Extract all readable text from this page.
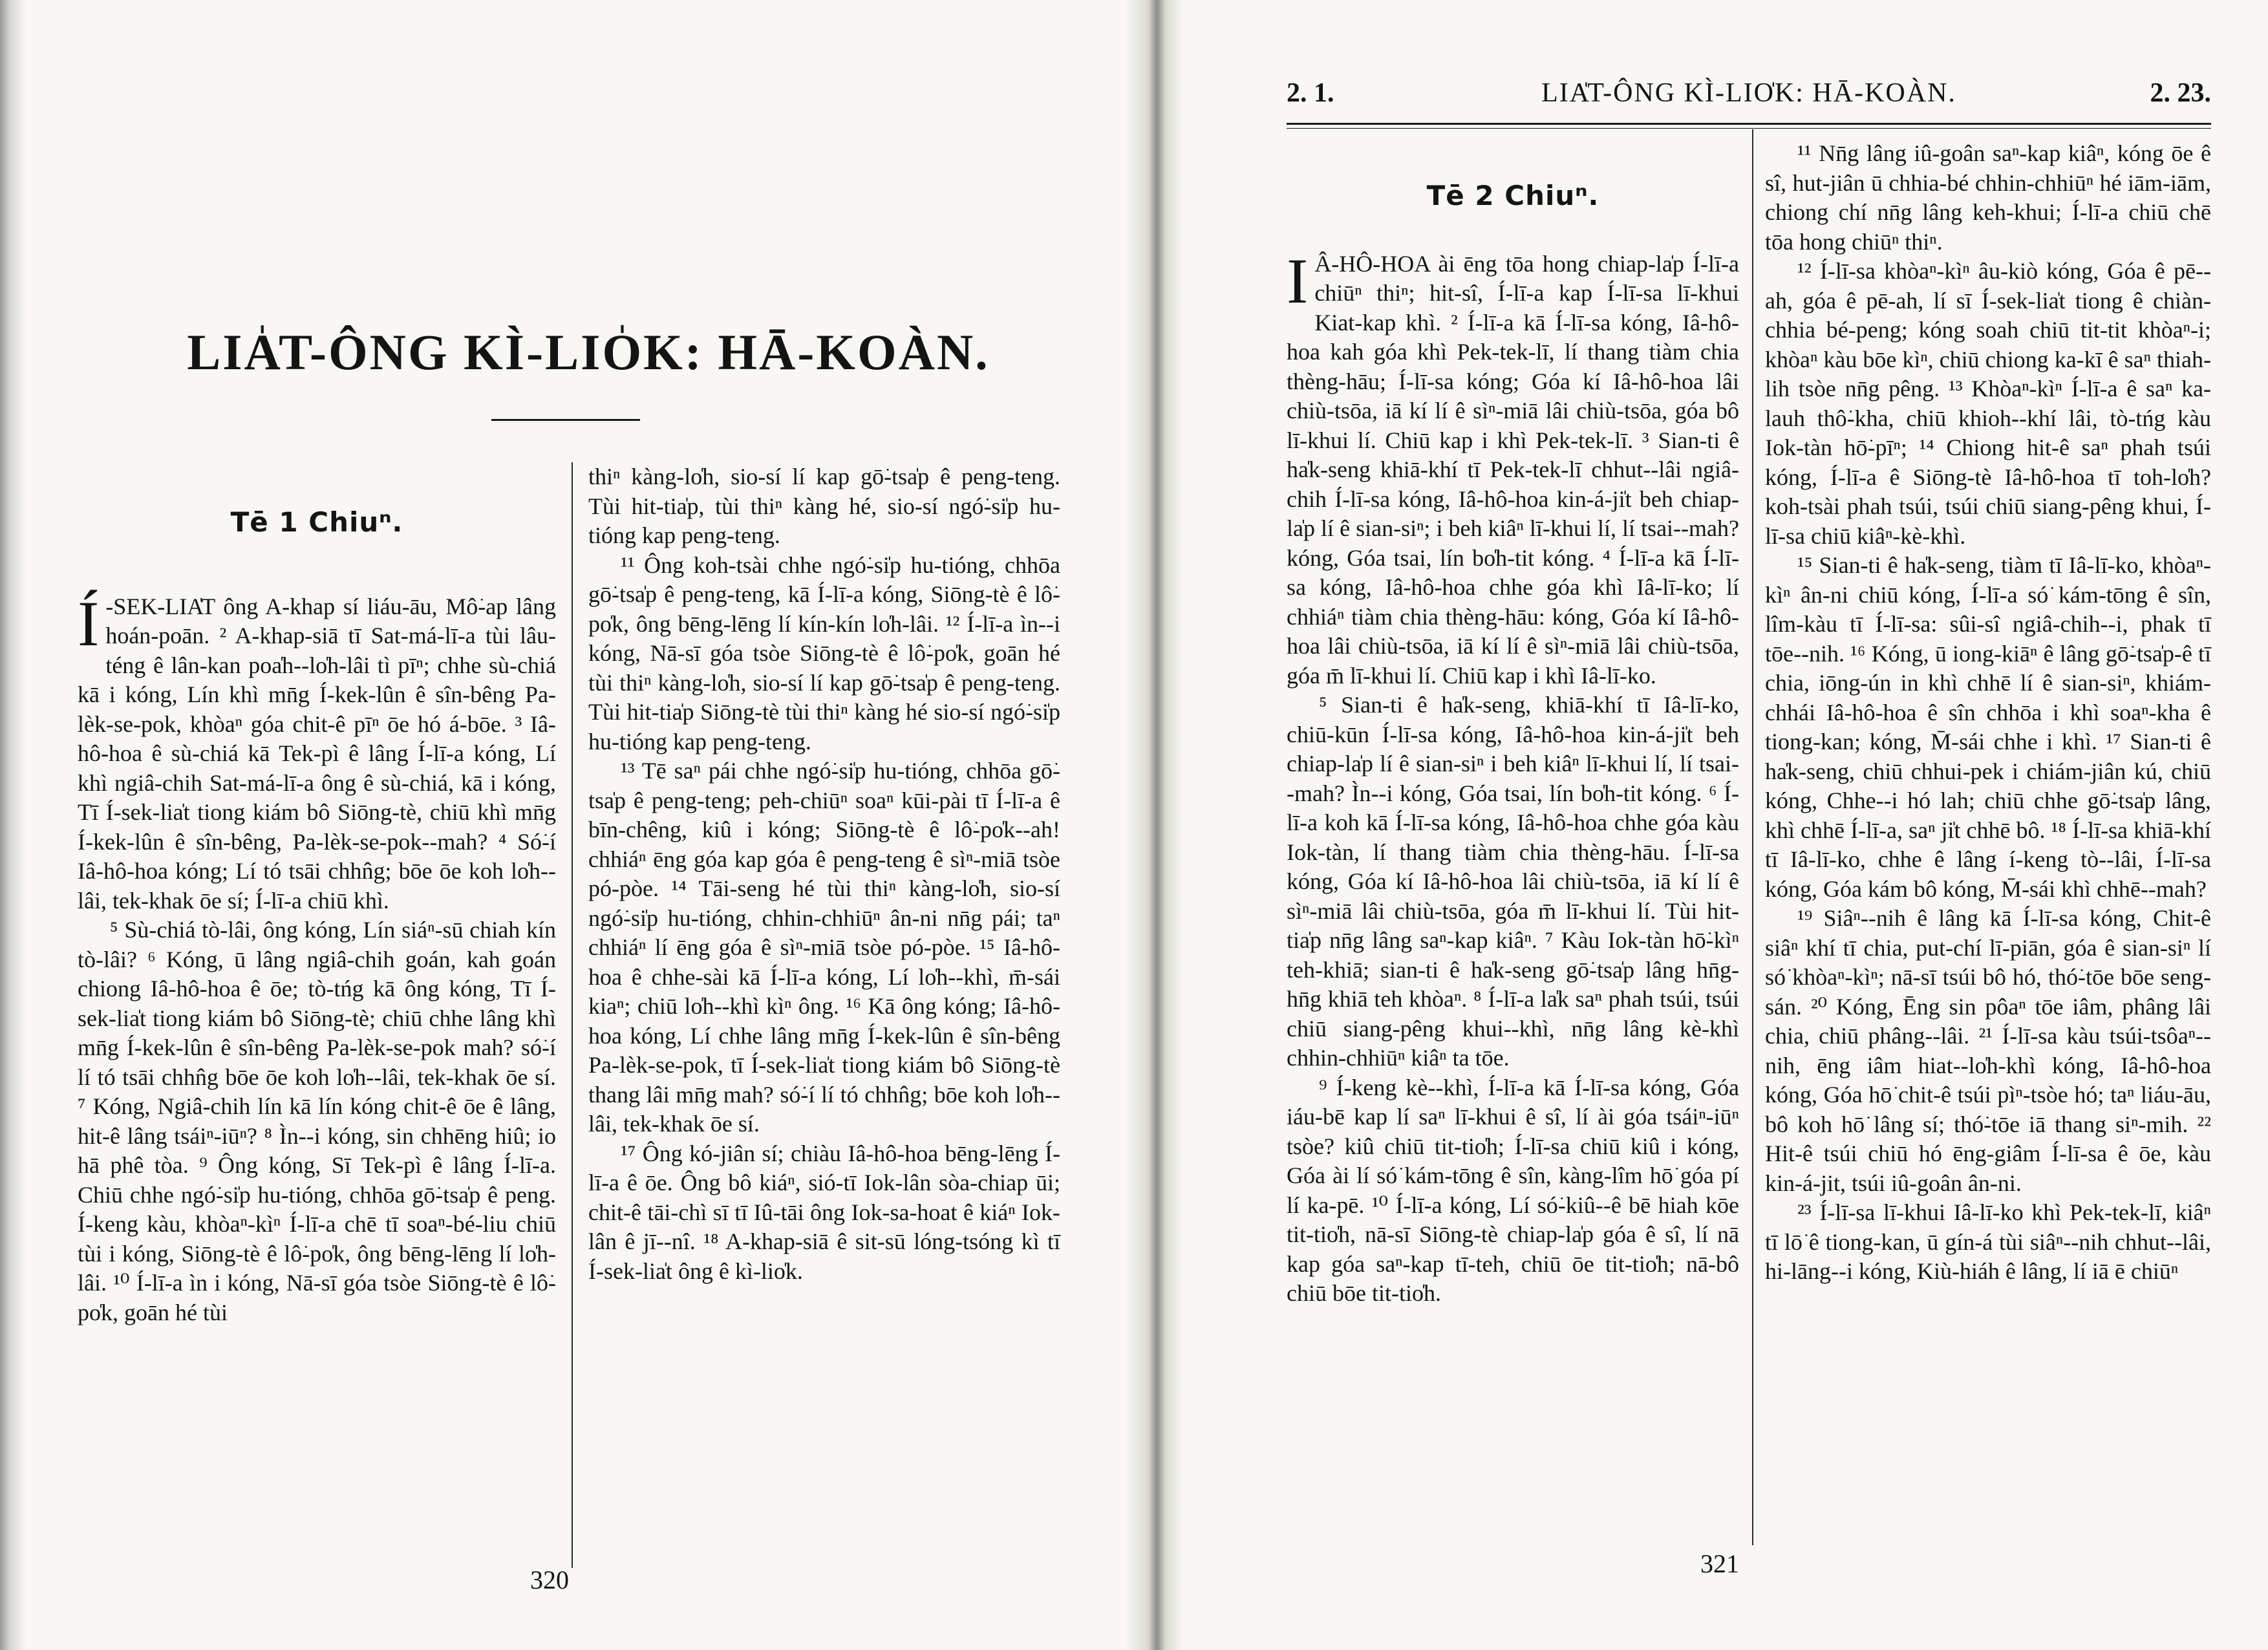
LIA̍T-ÔNG KÌ-LIO̍K: HĀ-KOÀN.
Tē 1 Chiuⁿ.

Í -SEK-LIA̍T ông A-khap sí liáu-āu, Mô͘-ap lâng hoán-poān. ² A-khap-siā tī Sat-má-lī-a tùi lâu-téng ê lân-kan poa̍h--lo̍h-lâi tì pīⁿ; chhe sù-chiá kā i kóng, Lín khì mn̄g Í-kek-lûn ê sîn-bêng Pa-lèk-se-pok, khòaⁿ góa chit-ê pīⁿ ōe hó á-bōe. ³ Iâ-hô-hoa ê sù-chiá kā Tek-pì ê lâng Í-lī-a kóng, Lí khì ngiâ-chih Sat-má-lī-a ông ê sù-chiá, kā i kóng, Tī Í-sek-lia̍t tiong kiám bô Siōng-tè, chiū khì mn̄g Í-kek-lûn ê sîn-bêng, Pa-lèk-se-pok--mah? ⁴ Só͘-í Iâ-hô-hoa kóng; Lí tó tsāi chhn̂g; bōe ōe koh lo̍h--lâi, tek-khak ōe sí; Í-lī-a chiū khì.

⁵ Sù-chiá tò-lâi, ông kóng, Lín siáⁿ-sū chiah kín tò-lâi? ⁶ Kóng, ū lâng ngiâ-chih goán, kah goán chiong Iâ-hô-hoa ê ōe; tò-tńg kā ông kóng, Tī Í-sek-lia̍t tiong kiám bô Siōng-tè; chiū chhe lâng khì mn̄g Í-kek-lûn ê sîn-bêng Pa-lèk-se-pok mah? só͘-í lí tó tsāi chhn̂g bōe ōe koh lo̍h--lâi, tek-khak ōe sí. ⁷ Kóng, Ngiâ-chih lín kā lín kóng chit-ê ōe ê lâng, hit-ê lâng tsáiⁿ-iūⁿ? ⁸ Ìn--i kóng, sin chhēng hiû; io hā phê tòa. ⁹ Ông kóng, Sī Tek-pì ê lâng Í-lī-a. Chiū chhe ngó͘-si̍p hu-tióng, chhōa gō͘-tsa̍p ê peng. Í-keng kàu, khòaⁿ-kìⁿ Í-lī-a chē tī soaⁿ-bé-liu chiū tùi i kóng, Siōng-tè ê lô͘-po̍k, ông bēng-lēng lí lo̍h-lâi. ¹⁰ Í-lī-a ìn i kóng, Nā-sī góa tsòe Siōng-tè ê lô͘-po̍k, goān hé tùi

thiⁿ kàng-lo̍h, sio-sí lí kap gō͘-tsa̍p ê peng-teng. Tùi hit-tia̍p, tùi thiⁿ kàng hé, sio-sí ngó͘-si̍p hu-tióng kap peng-teng.

¹¹ Ông koh-tsài chhe ngó͘-si̍p hu-tióng, chhōa gō͘-tsa̍p ê peng-teng, kā Í-lī-a kóng, Siōng-tè ê lô͘-po̍k, ông bēng-lēng lí kín-kín lo̍h-lâi. ¹² Í-lī-a ìn--i kóng, Nā-sī góa tsòe Siōng-tè ê lô͘-po̍k, goān hé tùi thiⁿ kàng-lo̍h, sio-sí lí kap gō͘-tsa̍p ê peng-teng. Tùi hit-tia̍p Siōng-tè tùi thiⁿ kàng hé sio-sí ngó͘-si̍p hu-tióng kap peng-teng.

¹³ Tē saⁿ pái chhe ngó͘-si̍p hu-tióng, chhōa gō͘-tsa̍p ê peng-teng; peh-chiūⁿ soaⁿ kūi-pài tī Í-lī-a ê bīn-chêng, kiû i kóng; Siōng-tè ê lô͘-po̍k--ah! chhiáⁿ ēng góa kap góa ê peng-teng ê sìⁿ-miā tsòe pó-pòe. ¹⁴ Tāi-seng hé tùi thiⁿ kàng-lo̍h, sio-sí ngó͘-si̍p hu-tióng, chhin-chhiūⁿ ân-ni nn̄g pái; taⁿ chhiáⁿ lí ēng góa ê sìⁿ-miā tsòe pó-pòe. ¹⁵ Iâ-hô-hoa ê chhe-sài kā Í-lī-a kóng, Lí lo̍h--khì, m̄-sái kiaⁿ; chiū lo̍h--khì kìⁿ ông. ¹⁶ Kā ông kóng; Iâ-hô-hoa kóng, Lí chhe lâng mn̄g Í-kek-lûn ê sîn-bêng Pa-lèk-se-pok, tī Í-sek-lia̍t tiong kiám bô Siōng-tè thang lâi mn̄g mah? só͘-í lí tó chhn̂g; bōe koh lo̍h--lâi, tek-khak ōe sí.

¹⁷ Ông kó-jiân sí; chiàu Iâ-hô-hoa bēng-lēng Í-lī-a ê ōe. Ông bô kiáⁿ, sió-tī Iok-lân sòa-chiap ūi; chit-ê tāi-chì sī tī Iû-tāi ông Iok-sa-hoat ê kiáⁿ Iok-lân ê jī--nî. ¹⁸ A-khap-siā ê sit-sū lóng-tsóng kì tī Í-sek-lia̍t ông ê kì-lio̍k.

320
LIA̍T-ÔNG KÌ-LIO̍K: HĀ-KOÀN.
2. 1.	2. 23.
Tē 2 Chiuⁿ.

I Â-HÔ-HOA ài ēng tōa hong chiap-la̍p Í-lī-a chiūⁿ thiⁿ; hit-sî, Í-lī-a kap Í-lī-sa lī-khui Kiat-kap khì. ² Í-lī-a kā Í-lī-sa kóng, Iâ-hô-hoa kah góa khì Pek-tek-lī, lí thang tiàm chia thèng-hāu; Í-lī-sa kóng; Góa kí Iâ-hô-hoa lâi chiù-tsōa, iā kí lí ê sìⁿ-miā lâi chiù-tsōa, góa bô lī-khui lí. Chiū kap i khì Pek-tek-lī. ³ Sian-ti ê ha̍k-seng khiā-khí tī Pek-tek-lī chhut--lâi ngiâ-chih Í-lī-sa kóng, Iâ-hô-hoa kin-á-ji̍t beh chiap-la̍p lí ê sian-siⁿ; i beh kiâⁿ lī-khui lí, lí tsai--mah? kóng, Góa tsai, lín bo̍h-tit kóng. ⁴ Í-lī-a kā Í-lī-sa kóng, Iâ-hô-hoa chhe góa khì Iâ-lī-ko; lí chhiáⁿ tiàm chia thèng-hāu: kóng, Góa kí Iâ-hô-hoa lâi chiù-tsōa, iā kí lí ê sìⁿ-miā lâi chiù-tsōa, góa m̄ lī-khui lí. Chiū kap i khì Iâ-lī-ko.

⁵ Sian-ti ê ha̍k-seng, khiā-khí tī Iâ-lī-ko, chiū-kūn Í-lī-sa kóng, Iâ-hô-hoa kin-á-ji̍t beh chiap-la̍p lí ê sian-siⁿ i beh kiâⁿ lī-khui lí, lí tsai--mah? Ìn--i kóng, Góa tsai, lín bo̍h-tit kóng. ⁶ Í-lī-a koh kā Í-lī-sa kóng, Iâ-hô-hoa chhe góa kàu Iok-tàn, lí thang tiàm chia thèng-hāu. Í-lī-sa kóng, Góa kí Iâ-hô-hoa lâi chiù-tsōa, iā kí lí ê sìⁿ-miā lâi chiù-tsōa, góa m̄ lī-khui lí. Tùi hit-tia̍p nn̄g lâng saⁿ-kap kiâⁿ. ⁷ Kàu Iok-tàn hō͘-kìⁿ teh-khiā; sian-ti ê ha̍k-seng gō͘-tsa̍p lâng hn̄g-hn̄g khiā teh khòaⁿ. ⁸ Í-lī-a la̍k saⁿ phah tsúi, tsúi chiū siang-pêng khui--khì, nn̄g lâng kè-khì chhin-chhiūⁿ kiâⁿ ta tōe.

⁹ Í-keng kè--khì, Í-lī-a kā Í-lī-sa kóng, Góa iáu-bē kap lí saⁿ lī-khui ê sî, lí ài góa tsáiⁿ-iūⁿ tsòe? kiû chiū tit-tio̍h; Í-lī-sa chiū kiû i kóng, Góa ài lí só͘ kám-tōng ê sîn, kàng-lîm hō͘ góa pí lí ka-pē. ¹⁰ Í-lī-a kóng, Lí só͘-kiû--ê bē hiah kōe tit-tio̍h, nā-sī Siōng-tè chiap-la̍p góa ê sî, lí nā kap góa saⁿ-kap tī-teh, chiū ōe tit-tio̍h; nā-bô chiū bōe tit-tio̍h.

¹¹ Nn̄g lâng iû-goân saⁿ-kap kiâⁿ, kóng ōe ê sî, hut-jiân ū chhia-bé chhin-chhiūⁿ hé iām-iām, chiong chí nn̄g lâng keh-khui; Í-lī-a chiū chē tōa hong chiūⁿ thiⁿ.

¹² Í-lī-sa khòaⁿ-kìⁿ âu-kiò kóng, Góa ê pē--ah, góa ê pē-ah, lí sī Í-sek-lia̍t tiong ê chiàn-chhia bé-peng; kóng soah chiū tit-tit khòaⁿ-i; khòaⁿ kàu bōe kìⁿ, chiū chiong ka-kī ê saⁿ thiah-lih tsòe nn̄g pêng. ¹³ Khòaⁿ-kìⁿ Í-lī-a ê saⁿ ka-lauh thô͘-kha, chiū khioh--khí lâi, tò-tńg kàu Iok-tàn hō͘-pīⁿ; ¹⁴ Chiong hit-ê saⁿ phah tsúi kóng, Í-lī-a ê Siōng-tè Iâ-hô-hoa tī toh-lo̍h? koh-tsài phah tsúi, tsúi chiū siang-pêng khui, Í-lī-sa chiū kiâⁿ-kè-khì.

¹⁵ Sian-ti ê ha̍k-seng, tiàm tī Iâ-lī-ko, khòaⁿ-kìⁿ ân-ni chiū kóng, Í-lī-a só͘ kám-tōng ê sîn, lîm-kàu tī Í-lī-sa: sûi-sî ngiâ-chih--i, phak tī tōe--nih. ¹⁶ Kóng, ū iong-kiāⁿ ê lâng gō͘-tsa̍p-ê tī chia, iōng-ún in khì chhē lí ê sian-siⁿ, khiám-chhái Iâ-hô-hoa ê sîn chhōa i khì soaⁿ-kha ê tiong-kan; kóng, M̄-sái chhe i khì. ¹⁷ Sian-ti ê ha̍k-seng, chiū chhui-pek i chiám-jiân kú, chiū kóng, Chhe--i hó lah; chiū chhe gō͘-tsa̍p lâng, khì chhē Í-lī-a, saⁿ ji̍t chhē bô. ¹⁸ Í-lī-sa khiā-khí tī Iâ-lī-ko, chhe ê lâng í-keng tò--lâi, Í-lī-sa kóng, Góa kám bô kóng, M̄-sái khì chhē--mah?

¹⁹ Siâⁿ--nih ê lâng kā Í-lī-sa kóng, Chit-ê siâⁿ khí tī chia, put-chí lī-piān, góa ê sian-siⁿ lí só͘ khòaⁿ-kìⁿ; nā-sī tsúi bô hó, thó͘-tōe bōe seng-sán. ²⁰ Kóng, Ēng sin pôaⁿ tōe iâm, phâng lâi chia, chiū phâng--lâi. ²¹ Í-lī-sa kàu tsúi-tsôaⁿ--nih, ēng iâm hiat--lo̍h-khì kóng, Iâ-hô-hoa kóng, Góa hō͘ chit-ê tsúi pìⁿ-tsòe hó; taⁿ liáu-āu, bô koh hō͘ lâng sí; thó͘-tōe iā thang siⁿ-mih. ²² Hit-ê tsúi chiū hó ēng-giâm Í-lī-sa ê ōe, kàu kin-á-jit, tsúi iû-goân ân-ni.

²³ Í-lī-sa lī-khui Iâ-lī-ko khì Pek-tek-lī, kiâⁿ tī lō͘ ê tiong-kan, ū gín-á tùi siâⁿ--nih chhut--lâi, hi-lāng--i kóng, Kiù-hiáh ê lâng, lí iā ē chiūⁿ

321
